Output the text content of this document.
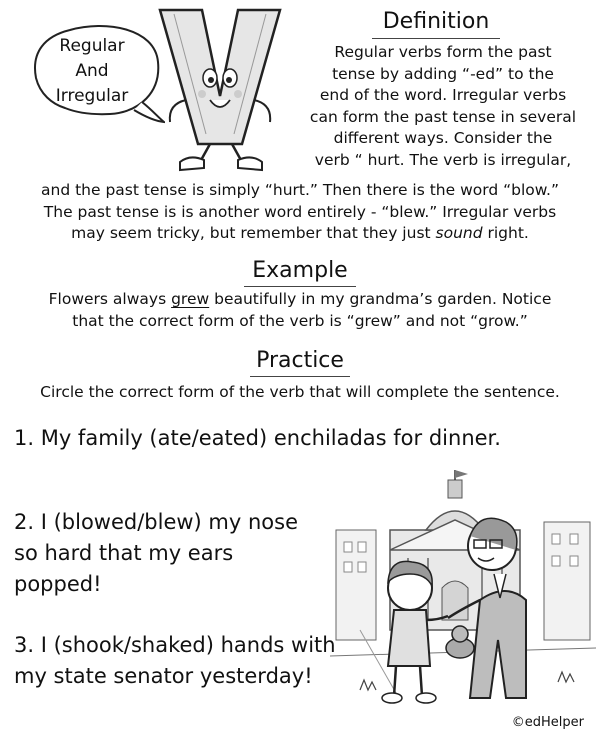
Regular
And
Irregular
Definition
Regular verbs form the past
tense by adding “-ed” to the
end of the word. Irregular verbs
can form the past tense in several
different ways. Consider the
verb “ hurt. The verb is irregular,
and the past tense is simply “hurt.” Then there is the word “blow.”
The past tense is is another word entirely - “blew.” Irregular verbs
may seem tricky, but remember that they just sound right.
Example
Flowers always grew beautifully in my grandma’s garden. Notice
that the correct form of the verb is “grew” and not “grow.”
Practice
Circle the correct form of the verb that will complete the sentence.
1. My family (ate/eated) enchiladas for dinner.
2. I (blowed/blew) my nose
so hard that my ears
popped!
3. I (shook/shaked) hands with
my state senator yesterday!
©edHelper
